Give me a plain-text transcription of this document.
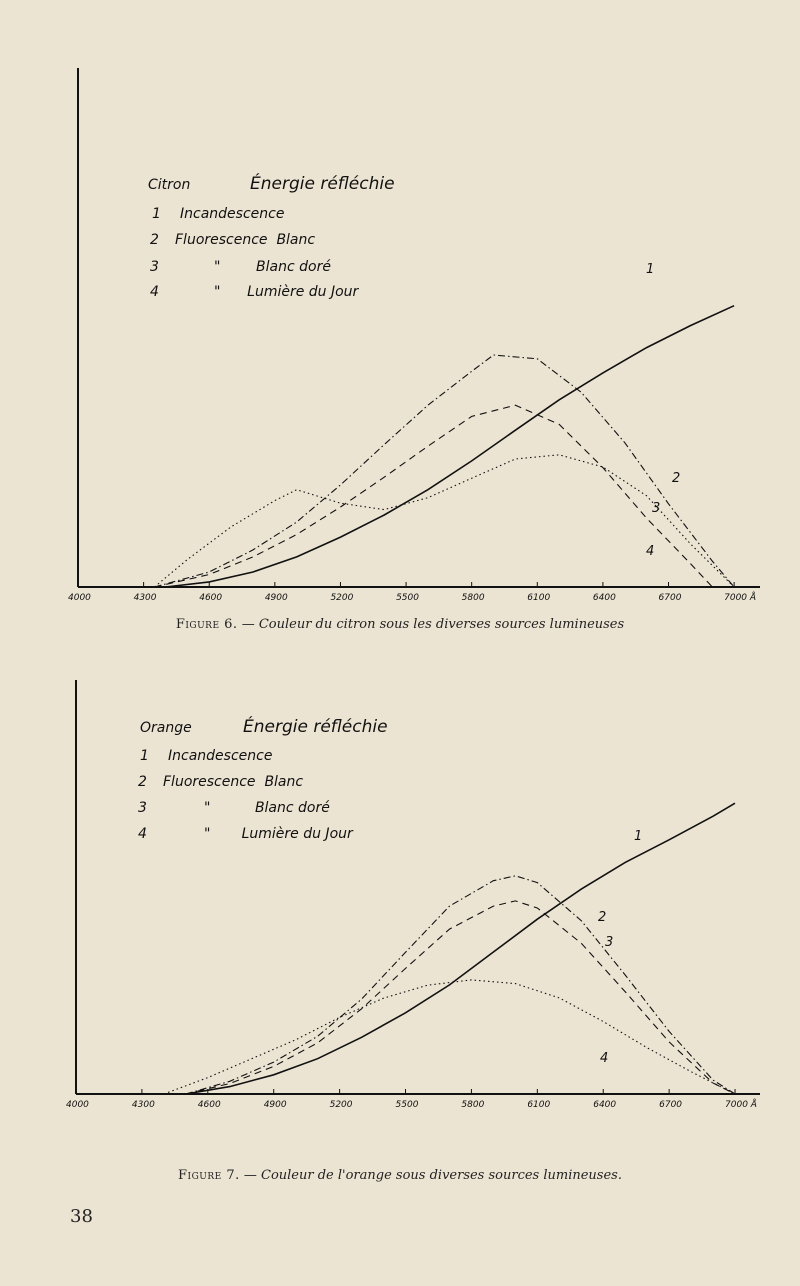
4000	4300	4600	4900	5200	5500	5800	6100	6400	6700	7000 Å
Citron	Énergie réfléchie
1 Incandescence
2 Fluorescence  Blanc
3	"        Blanc doré
4	"      Lumière du Jour
1
2
3
4
Figure 6. — Couleur du citron sous les diverses sources lumineuses
4000	4300	4600	4900	5200	5500	5800	6100	6400	6700	7000 Å
Orange	Énergie réfléchie
1 Incandescence
2 Fluorescence  Blanc
3	"          Blanc doré
4	"       Lumière du Jour	1
2
3
4
Figure 7. — Couleur de l'orange sous diverses sources lumineuses.
38
